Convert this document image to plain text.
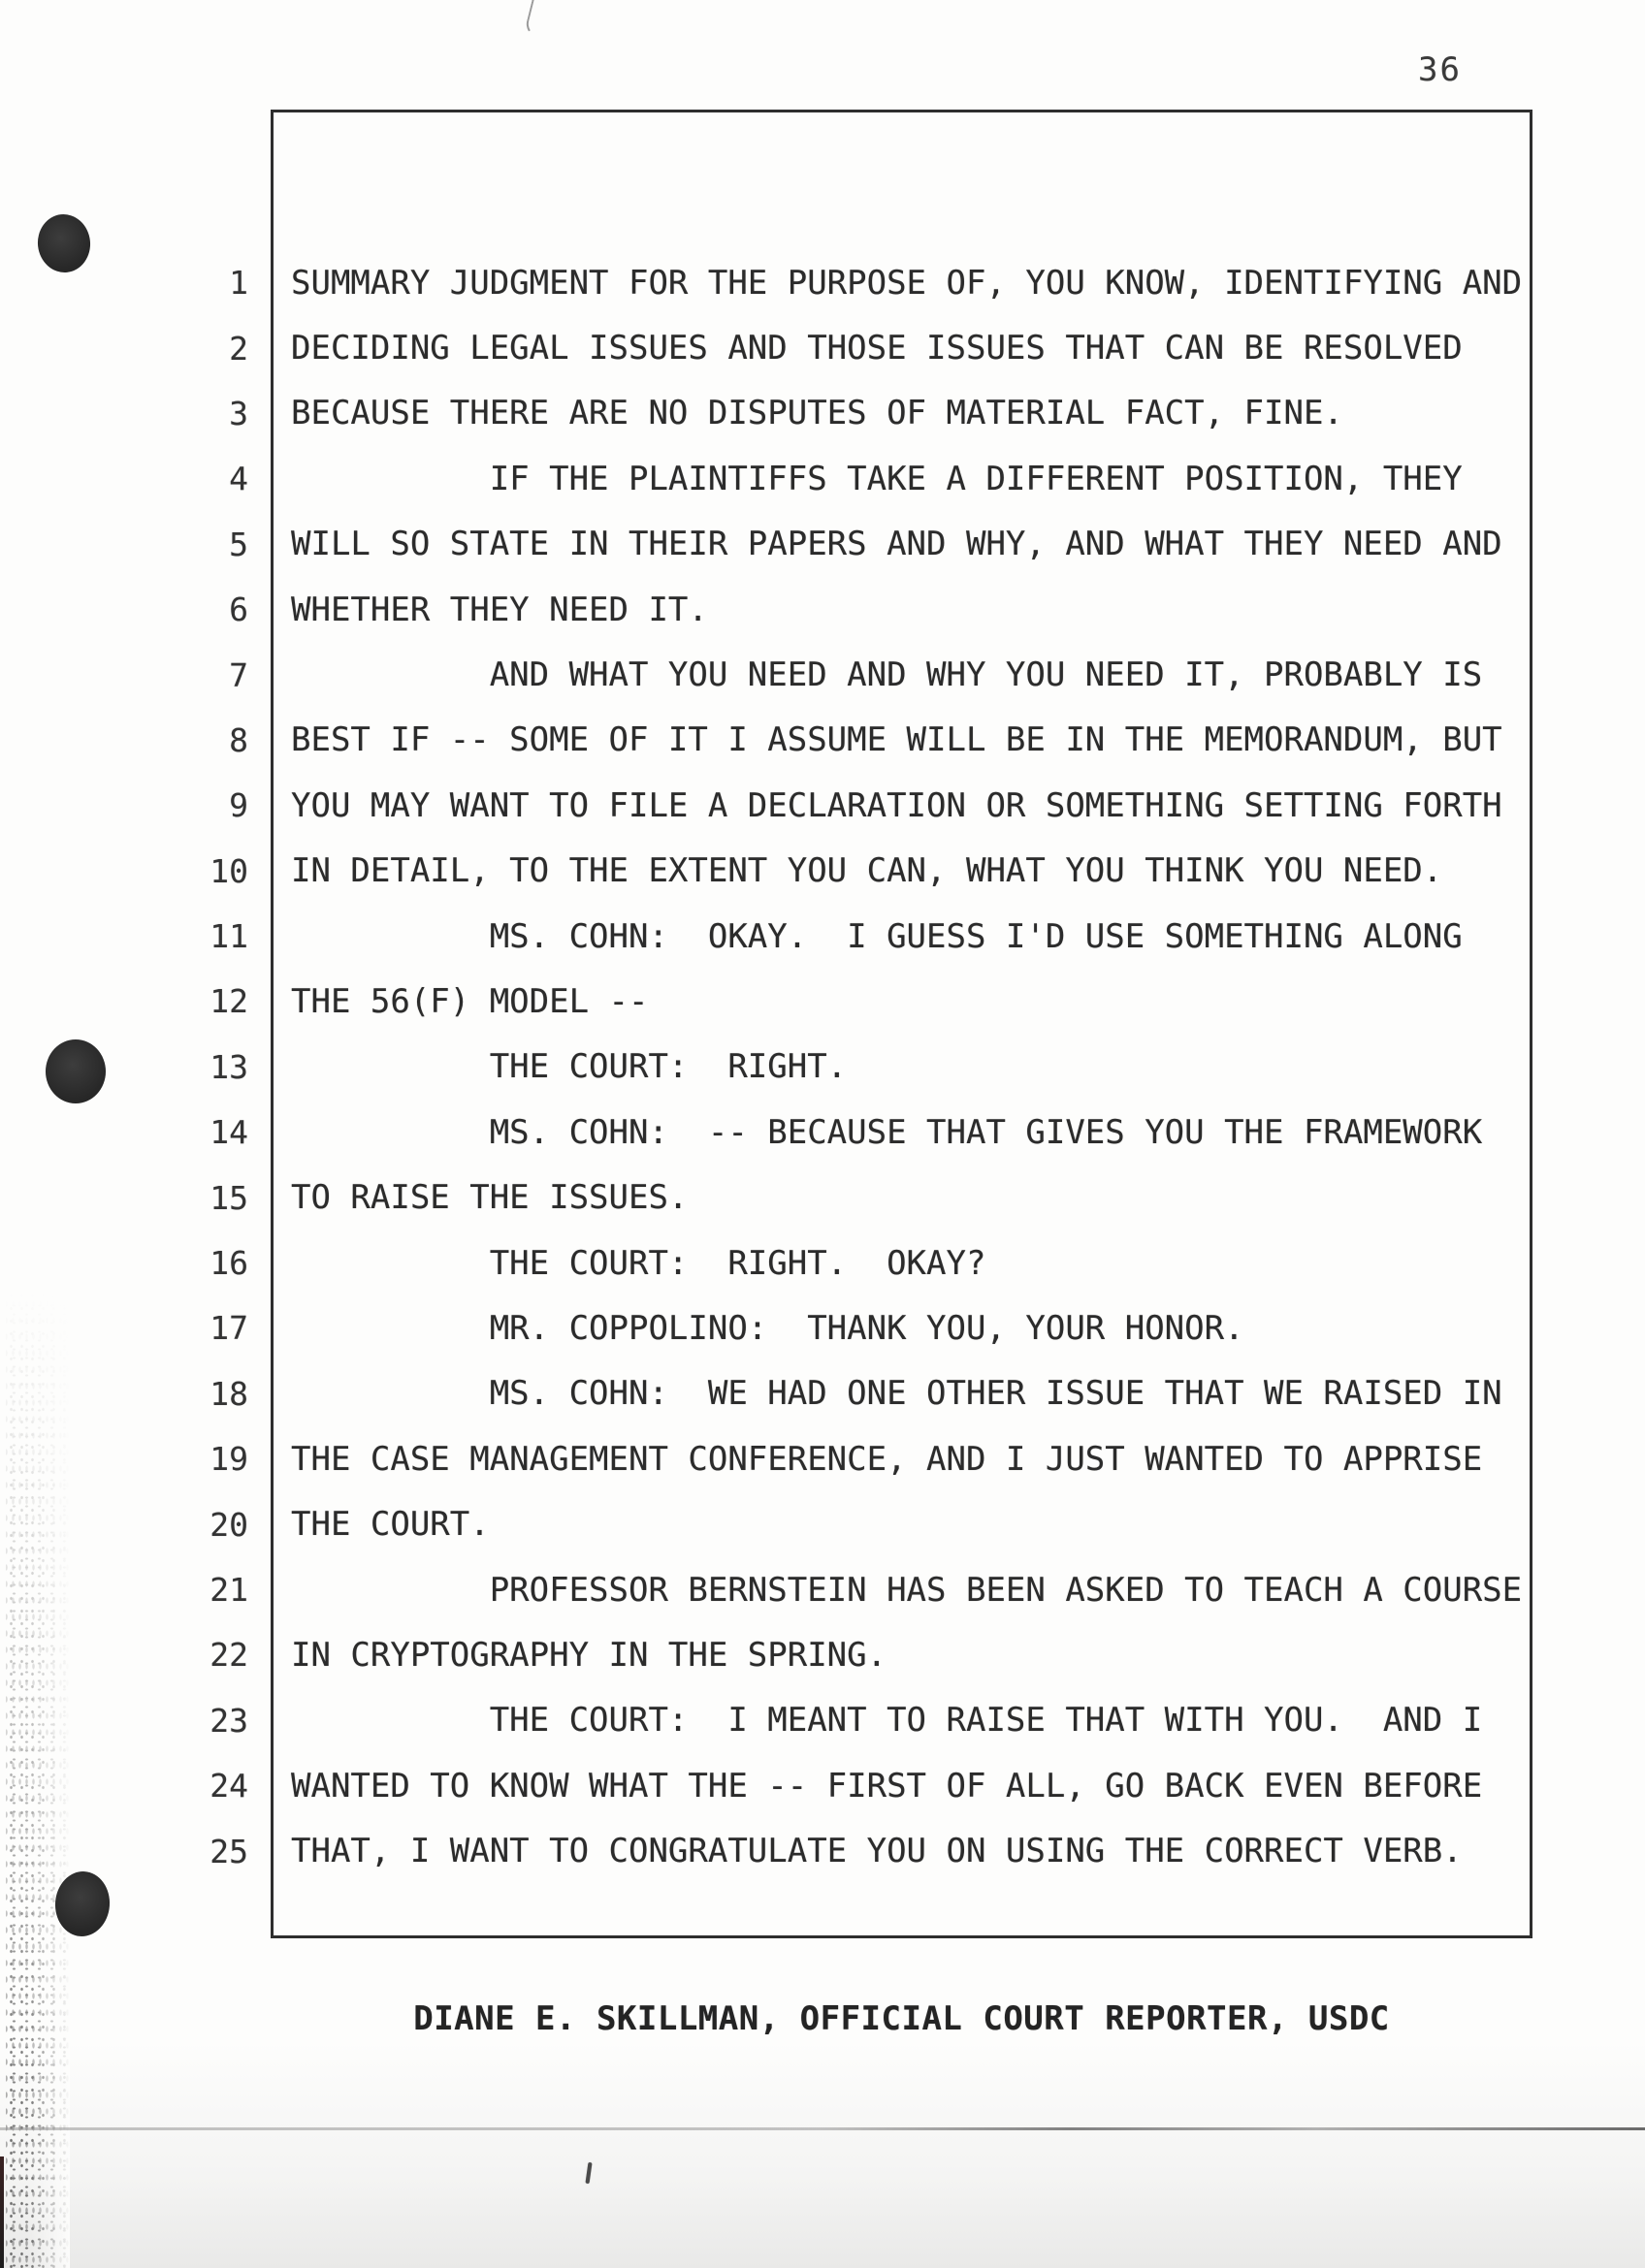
36
1 SUMMARY JUDGMENT FOR THE PURPOSE OF, YOU KNOW, IDENTIFYING AND
2 DECIDING LEGAL ISSUES AND THOSE ISSUES THAT CAN BE RESOLVED
3 BECAUSE THERE ARE NO DISPUTES OF MATERIAL FACT, FINE.
4 IF THE PLAINTIFFS TAKE A DIFFERENT POSITION, THEY
5 WILL SO STATE IN THEIR PAPERS AND WHY, AND WHAT THEY NEED AND
6 WHETHER THEY NEED IT.
7 AND WHAT YOU NEED AND WHY YOU NEED IT, PROBABLY IS
8 BEST IF -- SOME OF IT I ASSUME WILL BE IN THE MEMORANDUM, BUT
9 YOU MAY WANT TO FILE A DECLARATION OR SOMETHING SETTING FORTH
10 IN DETAIL, TO THE EXTENT YOU CAN, WHAT YOU THINK YOU NEED.
11 MS. COHN:  OKAY.  I GUESS I'D USE SOMETHING ALONG
12 THE 56(F) MODEL --
13 THE COURT:  RIGHT.
14 MS. COHN:  -- BECAUSE THAT GIVES YOU THE FRAMEWORK
15 TO RAISE THE ISSUES.
16 THE COURT:  RIGHT.  OKAY?
17 MR. COPPOLINO:  THANK YOU, YOUR HONOR.
18 MS. COHN:  WE HAD ONE OTHER ISSUE THAT WE RAISED IN
19 THE CASE MANAGEMENT CONFERENCE, AND I JUST WANTED TO APPRISE
20 THE COURT.
21 PROFESSOR BERNSTEIN HAS BEEN ASKED TO TEACH A COURSE
22 IN CRYPTOGRAPHY IN THE SPRING.
23 THE COURT:  I MEANT TO RAISE THAT WITH YOU.  AND I
24 WANTED TO KNOW WHAT THE -- FIRST OF ALL, GO BACK EVEN BEFORE
25 THAT, I WANT TO CONGRATULATE YOU ON USING THE CORRECT VERB.
DIANE E. SKILLMAN, OFFICIAL COURT REPORTER, USDC
